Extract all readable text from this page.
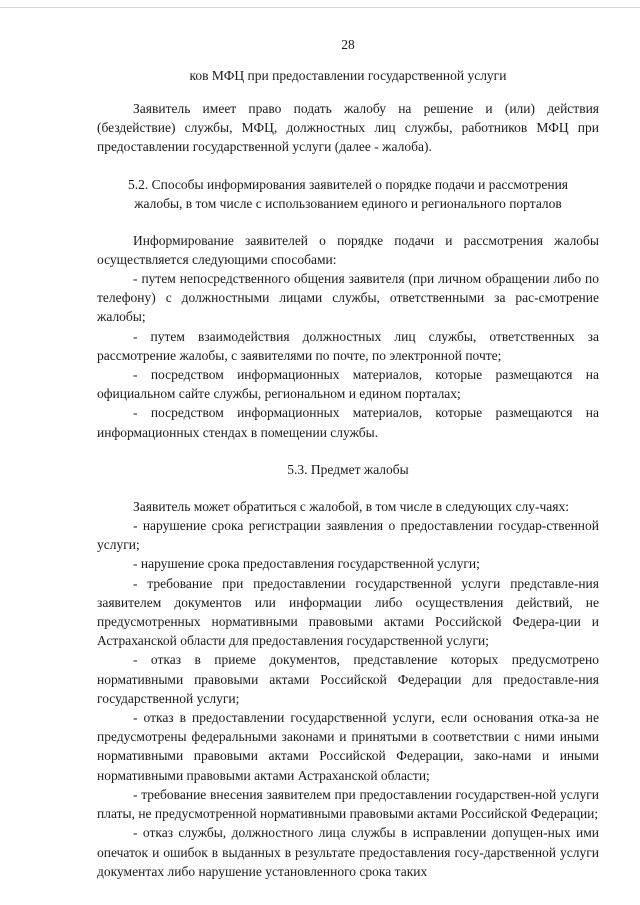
28
ков МФЦ при предоставлении государственной услуги

Заявитель имеет право подать жалобу на решение и (или) действия (бездействие) службы, МФЦ, должностных лиц службы, работников МФЦ при предоставлении государственной услуги (далее - жалоба).

5.2. Способы информирования заявителей о порядке подачи и рассмотрения
жалобы, в том числе с использованием единого и регионального порталов

Информирование заявителей о порядке подачи и рассмотрения жалобы осуществляется следующими способами:

- путем непосредственного общения заявителя (при личном обращении либо по телефону) с должностными лицами службы, ответственными за рас-смотрение жалобы;

- путем взаимодействия должностных лиц службы, ответственных за рассмотрение жалобы, с заявителями по почте, по электронной почте;

- посредством информационных материалов, которые размещаются на официальном сайте службы, региональном и едином порталах;

- посредством информационных материалов, которые размещаются на информационных стендах в помещении службы.

5.3. Предмет жалобы

Заявитель может обратиться с жалобой, в том числе в следующих слу-чаях:

- нарушение срока регистрации заявления о предоставлении государ-ственной услуги;

- нарушение срока предоставления государственной услуги;

- требование при предоставлении государственной услуги представле-ния заявителем документов или информации либо осуществления действий, не предусмотренных нормативными правовыми актами Российской Федера-ции и Астраханской области для предоставления государственной услуги;

- отказ в приеме документов, представление которых предусмотрено нормативными правовыми актами Российской Федерации для предоставле-ния государственной услуги;

- отказ в предоставлении государственной услуги, если основания отка-за не предусмотрены федеральными законами и принятыми в соответствии с ними иными нормативными правовыми актами Российской Федерации, зако-нами и иными нормативными правовыми актами Астраханской области;

- требование внесения заявителем при предоставлении государствен-ной услуги платы, не предусмотренной нормативными правовыми актами Российской Федерации;

- отказ службы, должностного лица службы в исправлении допущен-ных ими опечаток и ошибок в выданных в результате предоставления госу-дарственной услуги документах либо нарушение установленного срока таких
